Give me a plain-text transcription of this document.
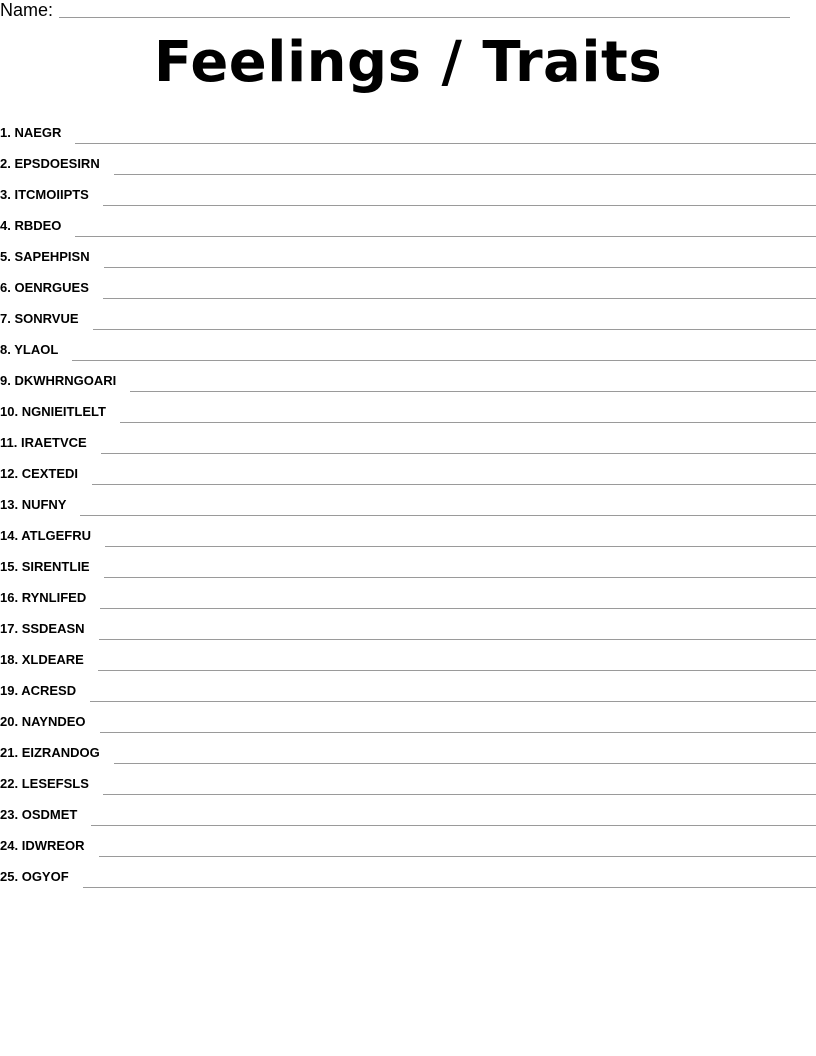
Name:
Feelings / Traits
1. NAEGR
2. EPSDOESIRN
3. ITCMOIIPTS
4. RBDEO
5. SAPEHPISN
6. OENRGUES
7. SONRVUE
8. YLAOL
9. DKWHRNGOARI
10. NGNIEITLELT
11. IRAETVCE
12. CEXTEDI
13. NUFNY
14. ATLGEFRU
15. SIRENTLIE
16. RYNLIFED
17. SSDEASN
18. XLDEARE
19. ACRESD
20. NAYNDEO
21. EIZRANDOG
22. LESEFSLS
23. OSDMET
24. IDWREOR
25. OGYOF
